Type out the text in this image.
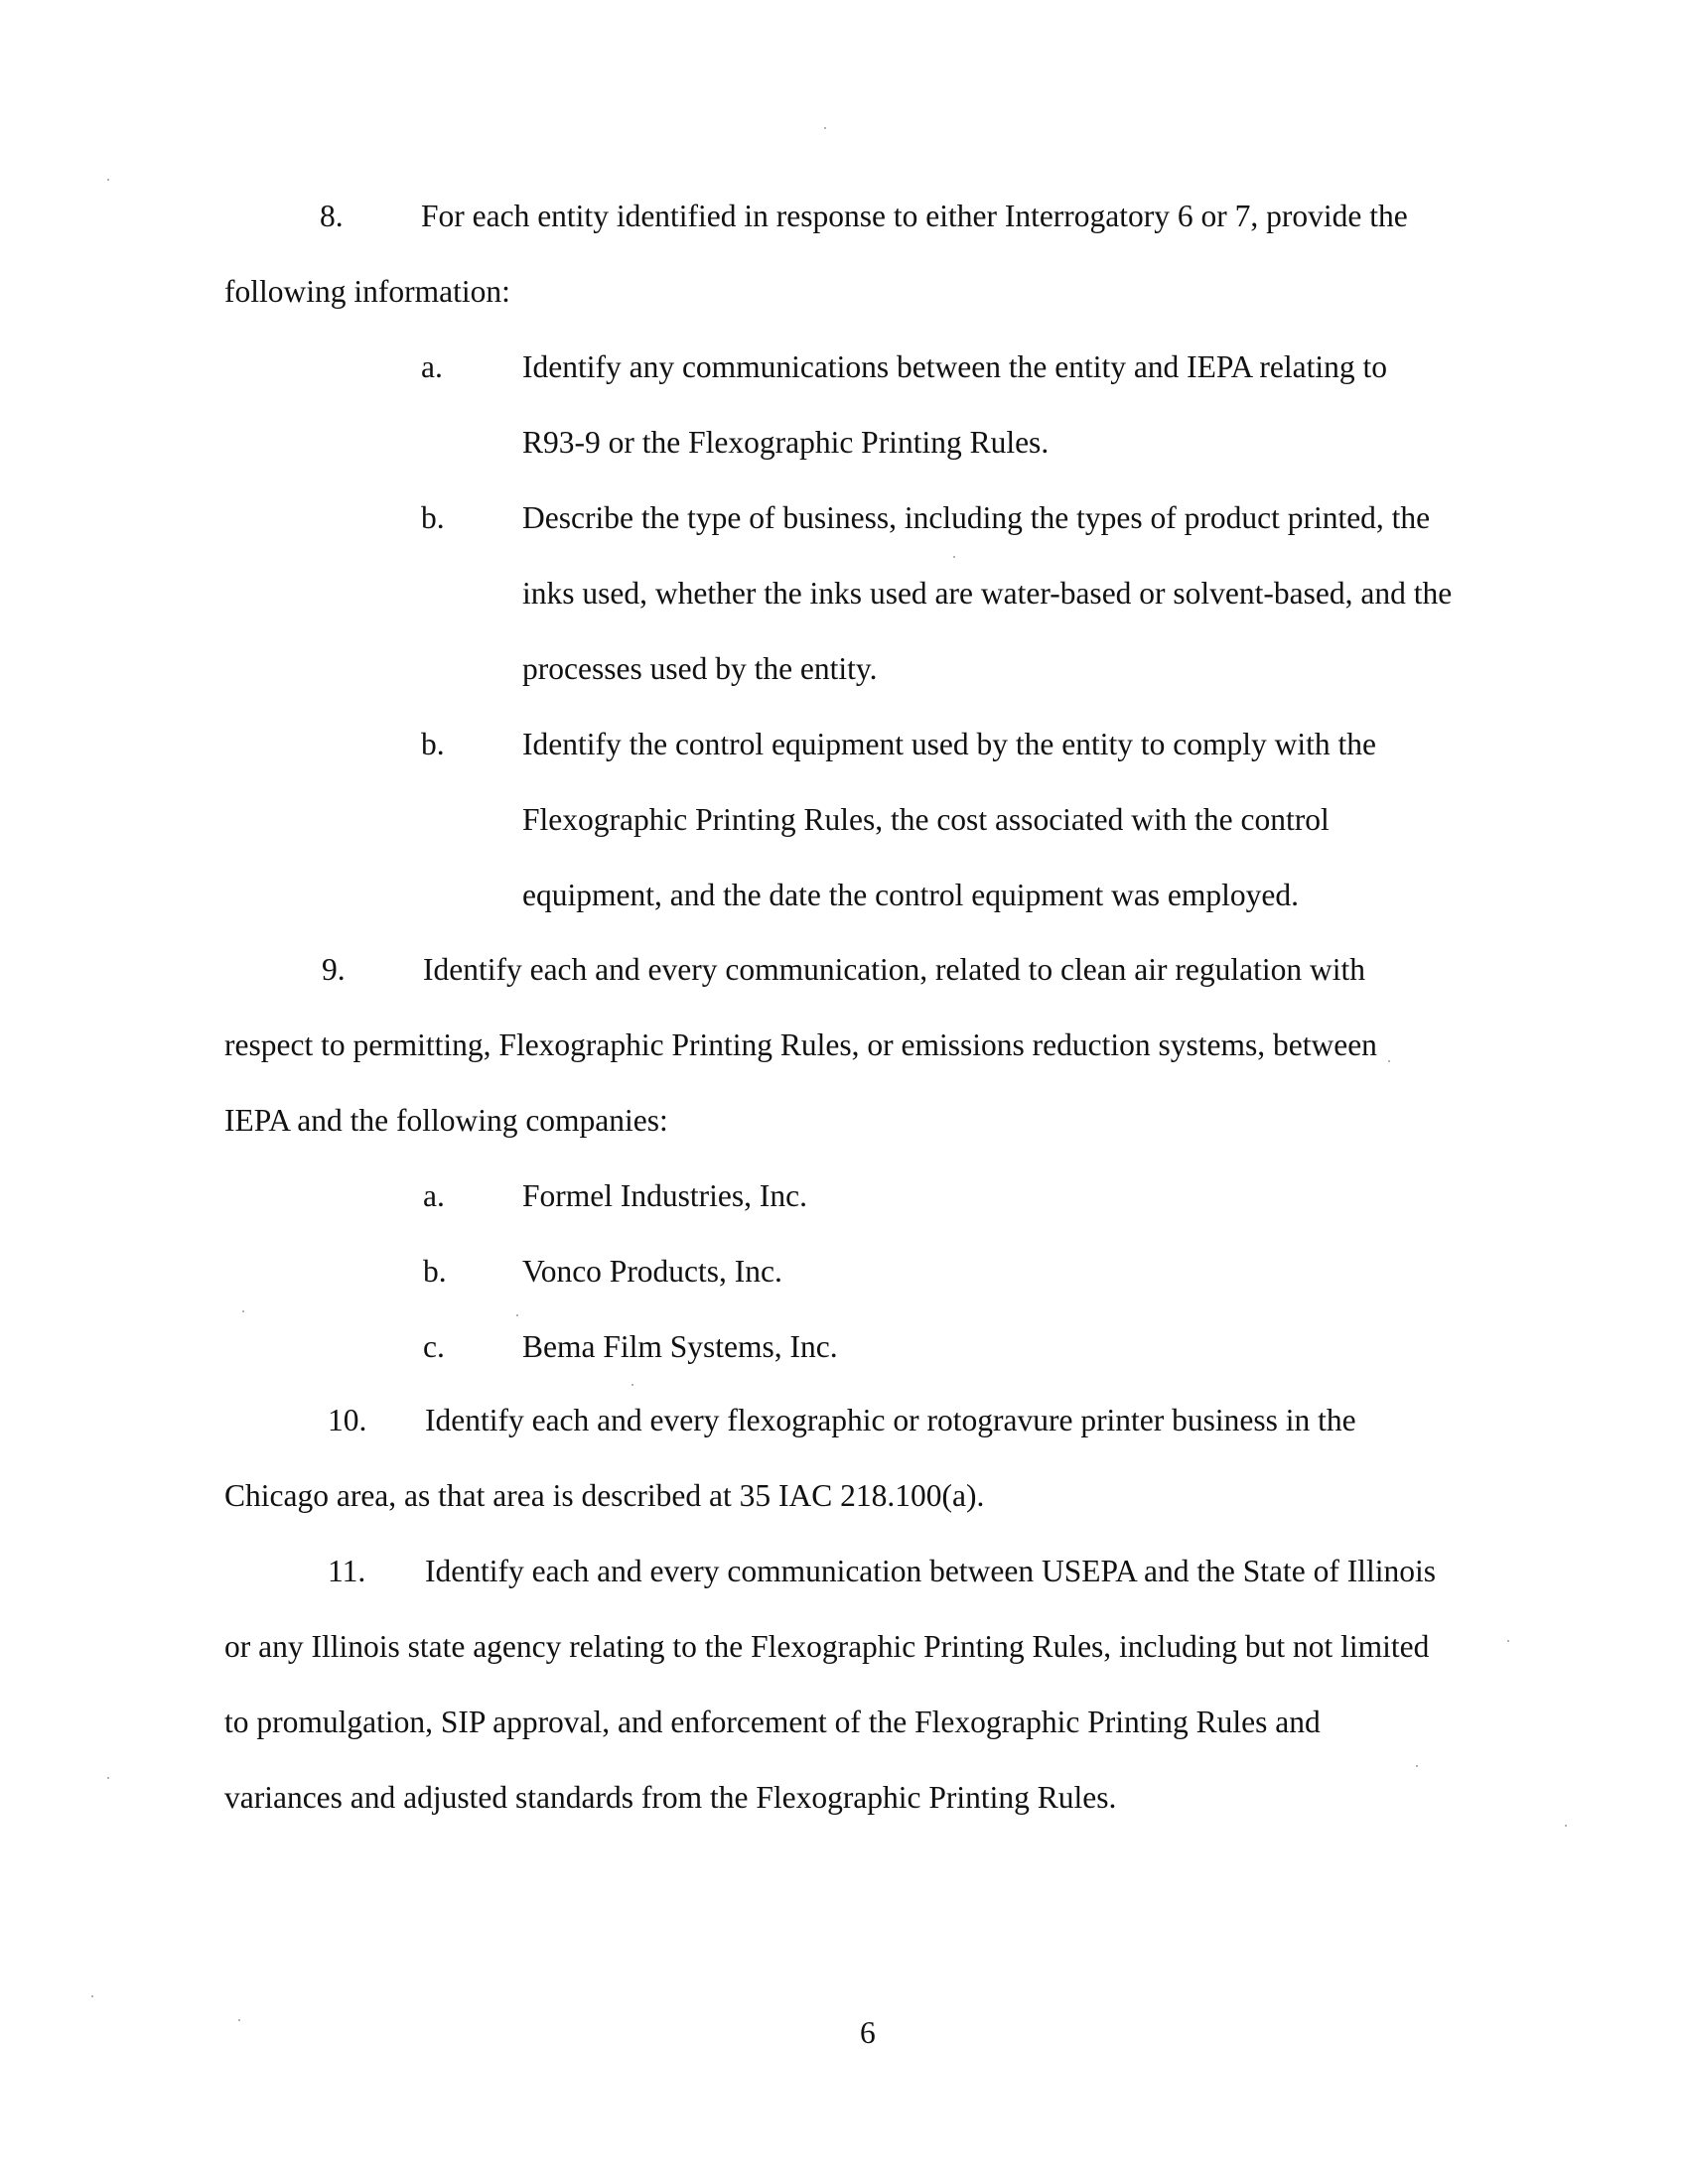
8. For each entity identified in response to either Interrogatory 6 or 7, provide the
following information:
a.	Identify any communications between the entity and IEPA relating to
R93-9 or the Flexographic Printing Rules.
b. Describe the type of business, including the types of product printed, the
inks used, whether the inks used are water-based or solvent-based, and the
processes used by the entity.
b. Identify the control equipment used by the entity to comply with the
Flexographic Printing Rules, the cost associated with the control
equipment, and the date the control equipment was employed.
9. Identify each and every communication, related to clean air regulation with
respect to permitting, Flexographic Printing Rules, or emissions reduction systems, between
IEPA and the following companies:
a. Formel Industries, Inc.
b. Vonco Products, Inc.
c. Bema Film Systems, Inc.
10. Identify each and every flexographic or rotogravure printer business in the
Chicago area, as that area is described at 35 IAC 218.100(a).
11. Identify each and every communication between USEPA and the State of Illinois
or any Illinois state agency relating to the Flexographic Printing Rules, including but not limited
to promulgation, SIP approval, and enforcement of the Flexographic Printing Rules and
variances and adjusted standards from the Flexographic Printing Rules.
6
